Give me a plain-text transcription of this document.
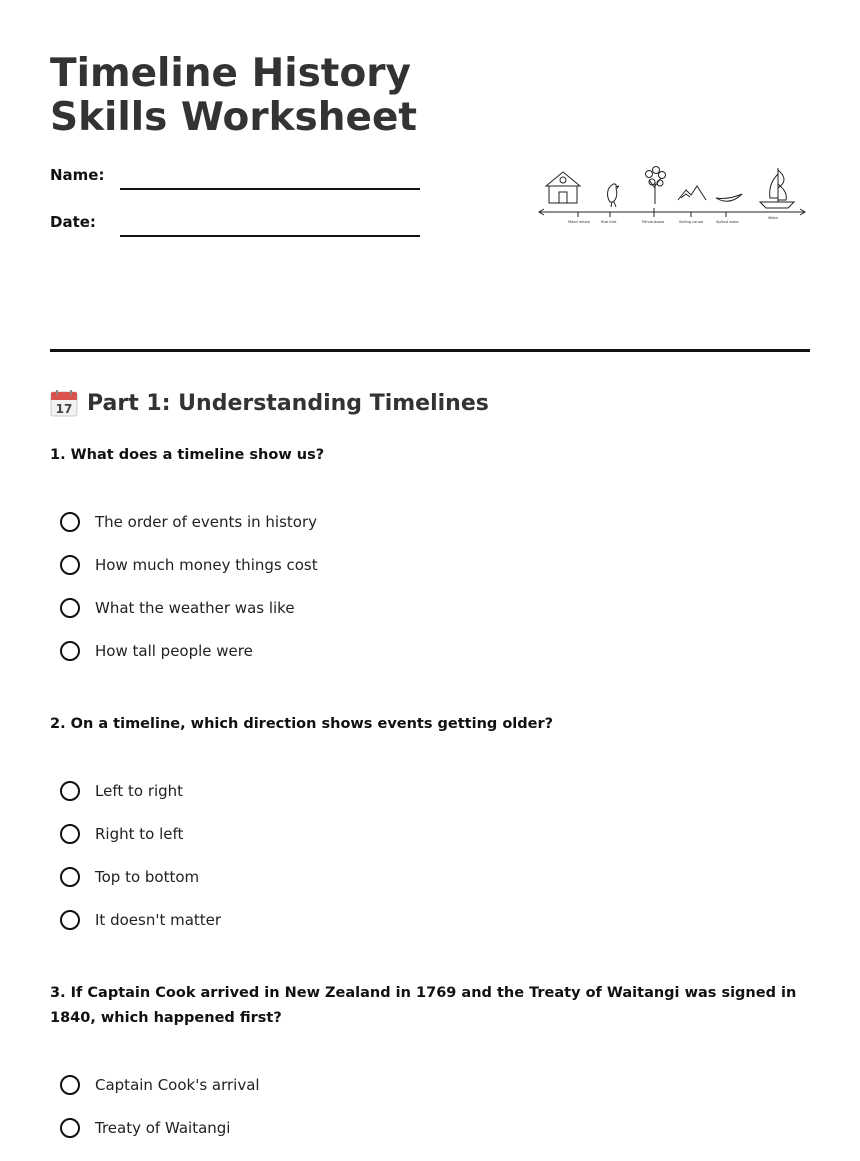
Timeline History Skills Worksheet
Name:
Date:	Māori whare	Kiwi bird	Pōhutukawa	Sailing canoe	Spiked waka
Waka
17 Part 1: Understanding Timelines

1. What does a timeline show us?

The order of events in history
How much money things cost
What the weather was like
How tall people were

2. On a timeline, which direction shows events getting older?

Left to right
Right to left
Top to bottom
It doesn't matter

3. If Captain Cook arrived in New Zealand in 1769 and the Treaty of Waitangi was signed in 1840, which happened first?

Captain Cook's arrival
Treaty of Waitangi
